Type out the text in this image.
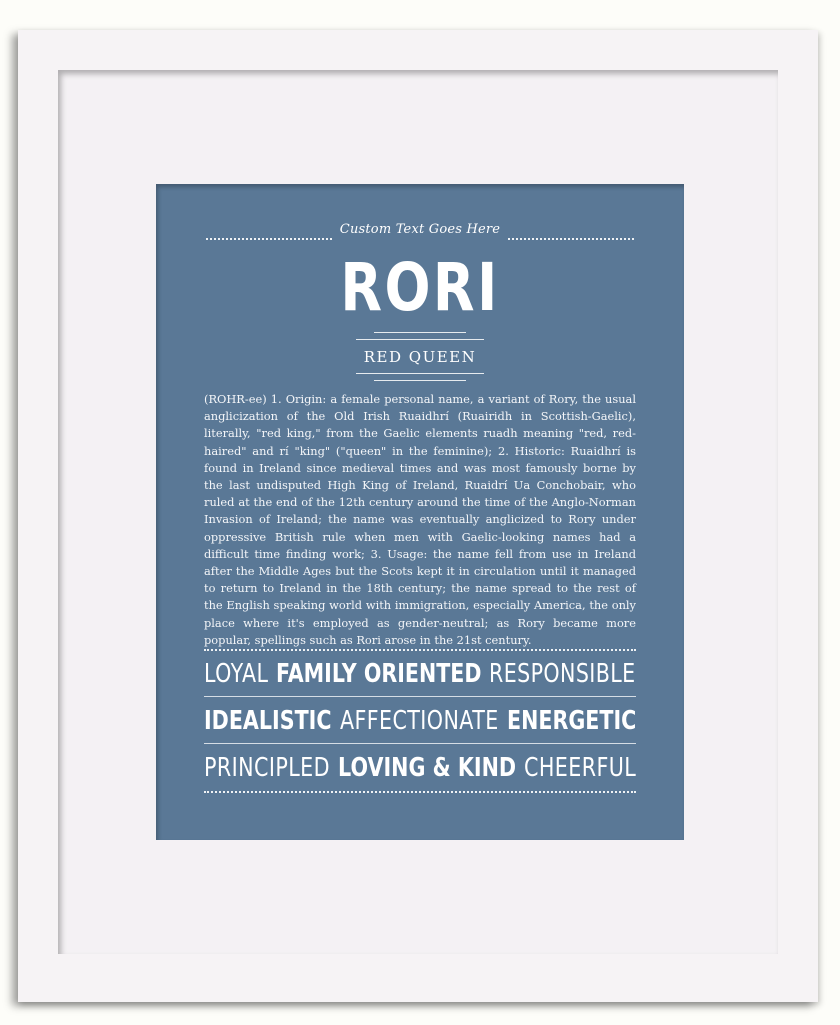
Custom Text Goes Here
RORI
RED QUEEN
(ROHR-ee) 1. Origin: a female personal name, a variant of Rory, the usual anglicization of the Old Irish Ruaidhrí (Ruairidh in Scottish-Gaelic), literally, "red king," from the Gaelic elements ruadh meaning "red, red-haired" and rí "king" ("queen" in the feminine); 2. Historic: Ruaidhrí is found in Ireland since medieval times and was most famously borne by the last undisputed High King of Ireland, Ruaidrí Ua Conchobair, who ruled at the end of the 12th century around the time of the Anglo-Norman Invasion of Ireland; the name was eventually anglicized to Rory under oppressive British rule when men with Gaelic-looking names had a difficult time finding work; 3. Usage: the name fell from use in Ireland after the Middle Ages but the Scots kept it in circulation until it managed to return to Ireland in the 18th century; the name spread to the rest of the English speaking world with immigration, especially America, the only place where it's employed as gender-neutral; as Rory became more popular, spellings such as Rori arose in the 21st century.
LOYAL FAMILY ORIENTED RESPONSIBLE
IDEALISTIC AFFECTIONATE ENERGETIC
PRINCIPLED LOVING & KIND CHEERFUL
